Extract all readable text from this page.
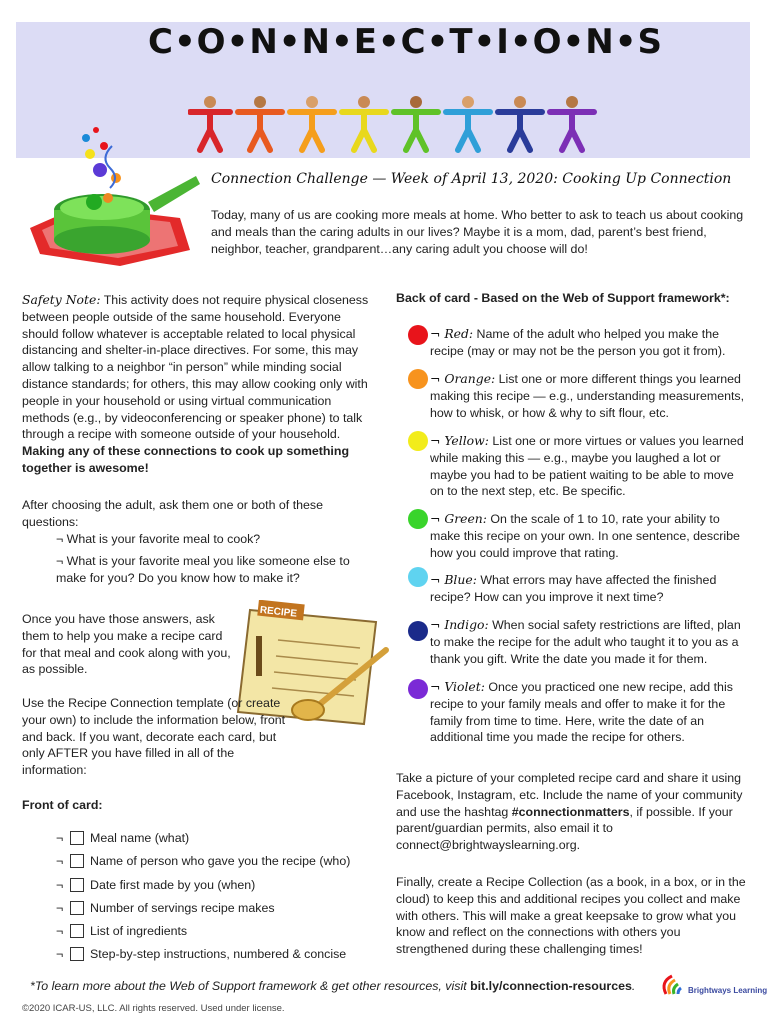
C•O•N•N•E•C•T•I•O•N•S
Connection Challenge — Week of April 13, 2020: Cooking Up Connection

Today, many of us are cooking more meals at home. Who better to ask to teach us about cooking and meals than the caring adults in our lives? Maybe it is a mom, dad, parent’s best friend, neighbor, teacher, grandparent…any caring adult you choose will do!

Safety Note: This activity does not require physical closeness between people outside of the same household. Everyone should follow whatever is acceptable related to local physical distancing and shelter-in-place directives. For some, this may allow talking to a neighbor “in person” while minding social distance standards; for others, this may allow cooking only with people in your household or using virtual communication methods (e.g., by videoconferencing or speaker phone) to talk through a recipe with someone outside of your household. Making any of these connections to cook up something together is awesome!

After choosing the adult, ask them one or both of these questions:

¬ What is your favorite meal to cook?

¬ What is your favorite meal you like someone else to make for you? Do you know how to make it?

Once you have those answers, ask them to help you make a recipe card for that meal and cook along with you, as possible.

RECIPE

Use the Recipe Connection template (or create your own) to include the information below, front and back. If you want, decorate each card, but only AFTER you have filled in all of the information:

Front of card:

¬	Meal name (what)
¬	Name of person who gave you the recipe (who)
¬	Date first made by you (when)
¬	Number of servings recipe makes
¬	List of ingredients
¬	Step-by-step instructions, numbered & concise

Back of card - Based on the Web of Support framework*:

¬ Red: Name of the adult who helped you make the recipe (may or may not be the person you got it from).

¬ Orange: List one or more different things you learned making this recipe — e.g., understanding measurements, how to whisk, or how & why to sift flour, etc.

¬ Yellow: List one or more virtues or values you learned while making this — e.g., maybe you laughed a lot or maybe you had to be patient waiting to be able to move on to the next step, etc. Be specific.

¬ Green: On the scale of 1 to 10, rate your ability to make this recipe on your own. In one sentence, describe how you could improve that rating.

¬ Blue: What errors may have affected the finished recipe? How can you improve it next time?

¬ Indigo: When social safety restrictions are lifted, plan to make the recipe for the adult who taught it to you as a thank you gift. Write the date you made it for them.

¬ Violet: Once you practiced one new recipe, add this recipe to your family meals and offer to make it for the family from time to time. Here, write the date of an additional time you made the recipe for others.

Take a picture of your completed recipe card and share it using Facebook, Instagram, etc. Include the name of your community and use the hashtag #connectionmatters, if possible. If your parent/guardian permits, also email it to connect@brightwayslearning.org.

Finally, create a Recipe Collection (as a book, in a box, or in the cloud) to keep this and additional recipes you collect and make with others. This will make a great keepsake to grow what you know and reflect on the connections with others you strengthened during these challenging times!

*To learn more about the Web of Support framework & get other resources, visit bit.ly/connection-resources.

©2020 ICAR-US, LLC. All rights reserved. Used under license.

Brightways Learning
